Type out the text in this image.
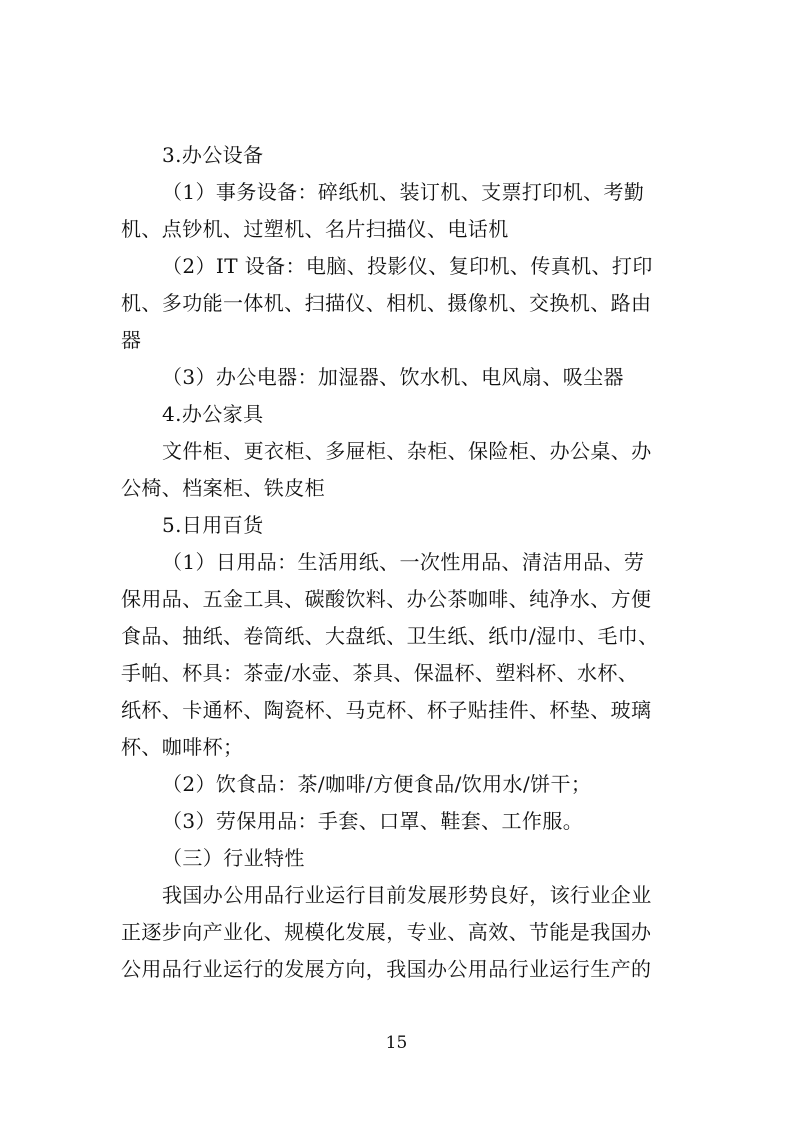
3.办公设备
（1）事务设备：碎纸机、装订机、支票打印机、考勤
机、点钞机、过塑机、名片扫描仪、电话机
（2）IT 设备：电脑、投影仪、复印机、传真机、打印
机、多功能一体机、扫描仪、相机、摄像机、交换机、路由
器
（3）办公电器：加湿器、饮水机、电风扇、吸尘器
4.办公家具
文件柜、更衣柜、多屉柜、杂柜、保险柜、办公桌、办
公椅、档案柜、铁皮柜
5.日用百货
（1）日用品：生活用纸、一次性用品、清洁用品、劳
保用品、五金工具、碳酸饮料、办公茶咖啡、纯净水、方便
食品、抽纸、卷筒纸、大盘纸、卫生纸、纸巾/湿巾、毛巾、
手帕、杯具：茶壶/水壶、茶具、保温杯、塑料杯、水杯、
纸杯、卡通杯、陶瓷杯、马克杯、杯子贴挂件、杯垫、玻璃
杯、咖啡杯；
（2）饮食品：茶/咖啡/方便食品/饮用水/饼干；
（3）劳保用品：手套、口罩、鞋套、工作服。
（三）行业特性
我国办公用品行业运行目前发展形势良好，该行业企业
正逐步向产业化、规模化发展，专业、高效、节能是我国办
公用品行业运行的发展方向，我国办公用品行业运行生产的
15
